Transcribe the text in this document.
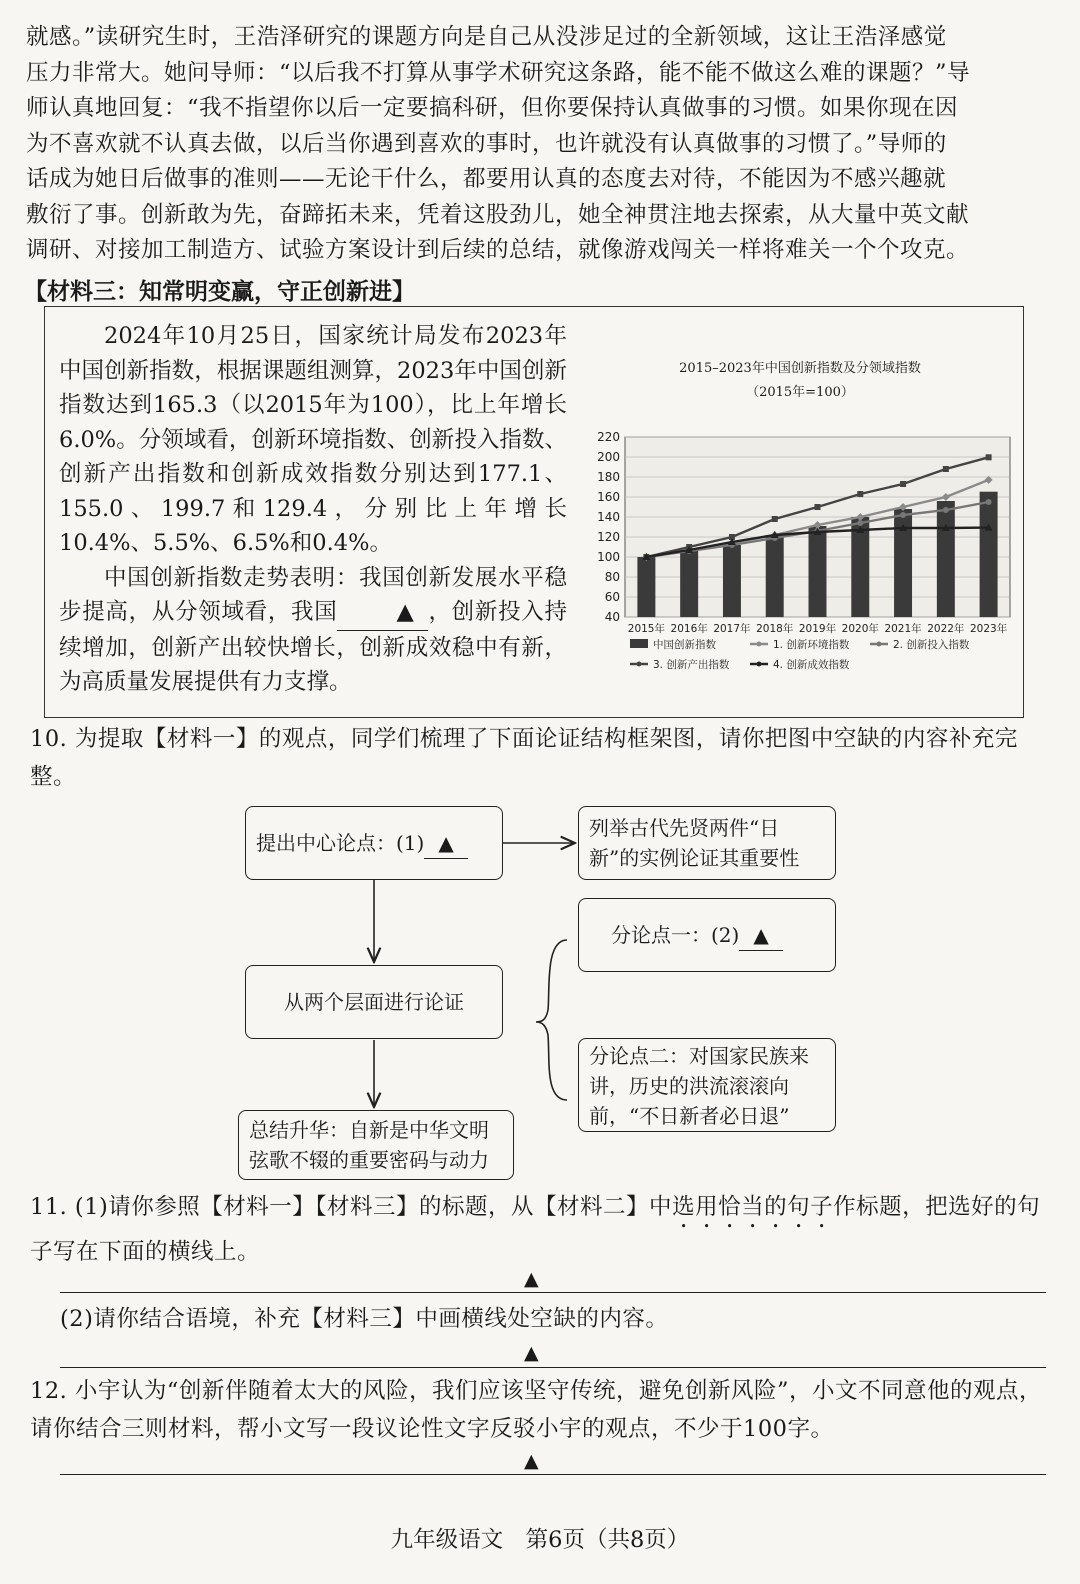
就感。”读研究生时，王浩泽研究的课题方向是自己从没涉足过的全新领域，这让王浩泽感觉
压力非常大。她问导师：“以后我不打算从事学术研究这条路，能不能不做这么难的课题？”导
师认真地回复：“我不指望你以后一定要搞科研，但你要保持认真做事的习惯。如果你现在因
为不喜欢就不认真去做，以后当你遇到喜欢的事时，也许就没有认真做事的习惯了。”导师的
话成为她日后做事的准则——无论干什么，都要用认真的态度去对待，不能因为不感兴趣就
敷衍了事。创新敢为先，奋蹄拓未来，凭着这股劲儿，她全神贯注地去探索，从大量中英文献
调研、对接加工制造方、试验方案设计到后续的总结，就像游戏闯关一样将难关一个个攻克。
【材料三：知常明变赢，守正创新进】

2024年10月25日，国家统计局发布2023年中国创新指数，根据课题组测算，2023年中国创新指数达到165.3（以2015年为100），比上年增长6.0%。分领域看，创新环境指数、创新投入指数、创新产出指数和创新成效指数分别达到177.1、155.0、199.7和129.4，分别比上年增长10.4%、5.5%、6.5%和0.4%。

中国创新指数走势表明：我国创新发展水平稳步提高，从分领域看，我国	▲ ，创新投入持续增加，创新产出较快增长，创新成效稳中有新，为高质量发展提供有力支撑。

2015–2023年中国创新指数及分领域指数
（2015年=100）
40
60
80
100
120
140
160
180
200
220
2015年 2016年 2017年 2018年 2019年 2020年 2021年 2022年 2023年
中国创新指数	1. 创新环境指数	2. 创新投入指数
3. 创新产出指数	4. 创新成效指数
10. 为提取【材料一】的观点，同学们梳理了下面论证结构框架图，请你把图中空缺的内容补充完整。
提出中心论点：(1) ▲
列举古代先贤两件“日新”的实例论证其重要性
分论点一：(2) ▲
从两个层面进行论证
分论点二：对国家民族来讲，历史的洪流滚滚向前，“不日新者必日退”
总结升华：自新是中华文明弦歌不辍的重要密码与动力
11. (1)请你参照【材料一】【材料三】的标题，从【材料二】中选用恰当的句子作标题，把选好的句子写在下面的横线上。
▲
(2)请你结合语境，补充【材料三】中画横线处空缺的内容。
▲
12. 小宇认为“创新伴随着太大的风险，我们应该坚守传统，避免创新风险”，小文不同意他的观点，请你结合三则材料，帮小文写一段议论性文字反驳小宇的观点，不少于100字。
▲
九年级语文　第6页（共8页）
